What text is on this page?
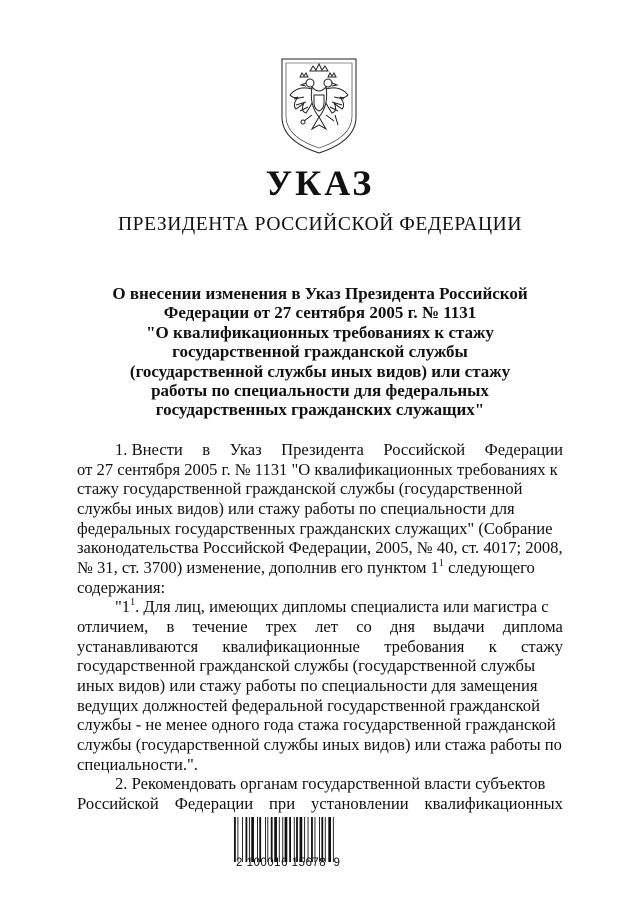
УКАЗ
ПРЕЗИДЕНТА РОССИЙСКОЙ ФЕДЕРАЦИИ
О внесении изменения в Указ Президента Российской
Федерации от 27 сентября 2005 г. № 1131
"О квалификационных требованиях к стажу
государственной гражданской службы
(государственной службы иных видов) или стажу
работы по специальности для федеральных
государственных гражданских служащих"
1. Внести в Указ Президента Российской Федерации
от 27 сентября 2005 г. № 1131 "О квалификационных требованиях к
стажу государственной гражданской службы (государственной
службы иных видов) или стажу работы по специальности для
федеральных государственных гражданских служащих" (Собрание
законодательства Российской Федерации, 2005, № 40, ст. 4017; 2008,
№ 31, ст. 3700) изменение, дополнив его пунктом $1^1$ следующего
содержания:
"$1^1$. Для лиц, имеющих дипломы специалиста или магистра с
отличием, в течение трех лет со дня выдачи диплома
устанавливаются квалификационные требования к стажу
государственной гражданской службы (государственной службы
иных видов) или стажу работы по специальности для замещения
ведущих должностей федеральной государственной гражданской
службы - не менее одного года стажа государственной гражданской
службы (государственной службы иных видов) или стажа работы по
специальности.".
2. Рекомендовать органам государственной власти субъектов
Российской Федерации при установлении квалификационных
2 100016 15678  9
